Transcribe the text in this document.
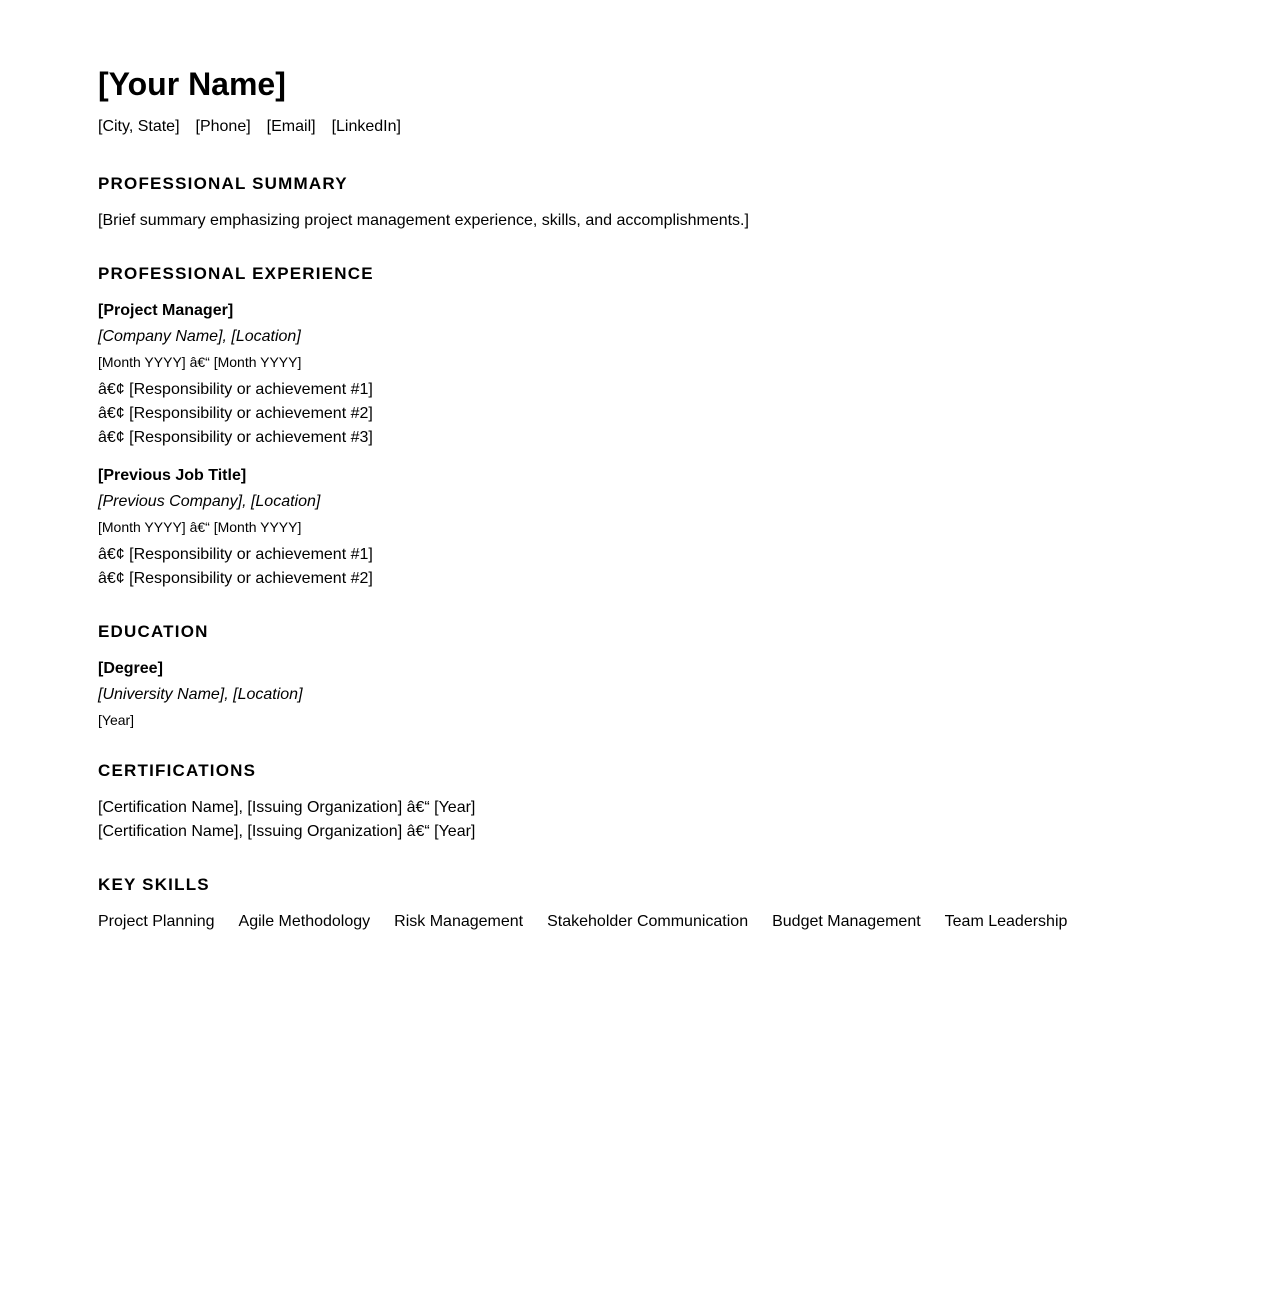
[Your Name]
[City, State] [Phone] [Email] [LinkedIn]
PROFESSIONAL SUMMARY
[Brief summary emphasizing project management experience, skills, and accomplishments.]
PROFESSIONAL EXPERIENCE
[Project Manager]
[Company Name], [Location]
[Month YYYY] â€“ [Month YYYY]
â€¢ [Responsibility or achievement #1]
â€¢ [Responsibility or achievement #2]
â€¢ [Responsibility or achievement #3]
[Previous Job Title]
[Previous Company], [Location]
[Month YYYY] â€“ [Month YYYY]
â€¢ [Responsibility or achievement #1]
â€¢ [Responsibility or achievement #2]
EDUCATION
[Degree]
[University Name], [Location]
[Year]
CERTIFICATIONS
[Certification Name], [Issuing Organization] â€“ [Year]
[Certification Name], [Issuing Organization] â€“ [Year]
KEY SKILLS
Project Planning Agile Methodology Risk Management Stakeholder Communication Budget Management Team Leadership
